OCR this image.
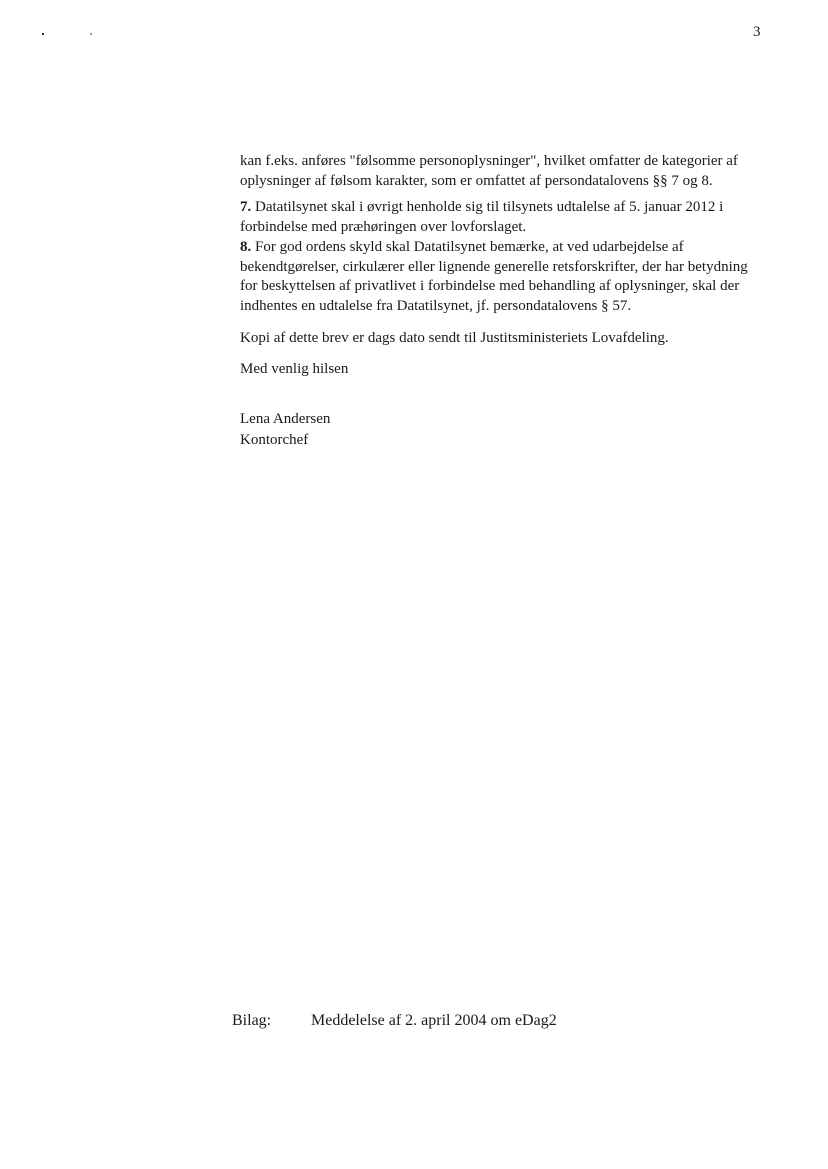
3

kan f.eks. anføres "følsomme personoplysninger", hvilket omfatter de kategorier af oplysninger af følsom karakter, som er omfattet af persondatalovens §§ 7 og 8.

7. Datatilsynet skal i øvrigt henholde sig til tilsynets udtalelse af 5. januar 2012 i forbindelse med præhøringen over lovforslaget.

8. For god ordens skyld skal Datatilsynet bemærke, at ved udarbejdelse af bekendtgørelser, cirkulærer eller lignende generelle retsforskrifter, der har betydning for beskyttelsen af privatlivet i forbindelse med behandling af oplysninger, skal der indhentes en udtalelse fra Datatilsynet, jf. persondatalovens § 57.

Kopi af dette brev er dags dato sendt til Justitsministeriets Lovafdeling.

Med venlig hilsen

Lena Andersen
Kontorchef
Bilag: Meddelelse af 2. april 2004 om eDag2
